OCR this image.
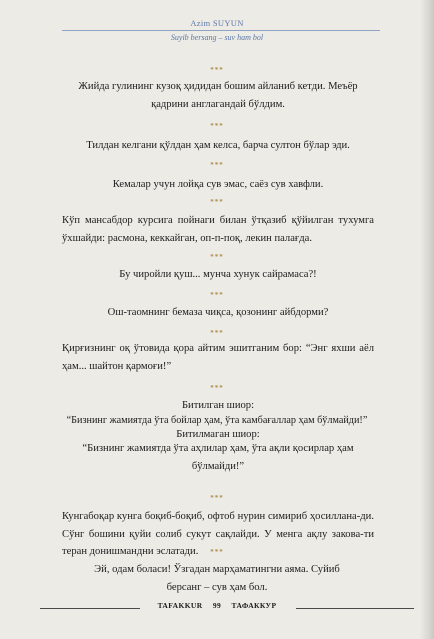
Azim SUYUN
Suyib bersang – suv ham bol
***
Жийда гулининг кузоқ ҳидидан бошим айланиб кетди. Меъёр қадрини англагандай бўлдим.
***
Тилдан келгани қўлдан ҳам келса, барча султон бўлар эди.
***
Кемалар учун лойқа сув эмас, саёз сув хавфли.
***
Кўп мансабдор курсига пойнаги билан ўтқазиб қўйилган тухумга ўхшайди: расмона, кеккайган, оп-п-поқ, лекин палағда.
***
Бу чиройли қуш... мунча хунук сайрамаса?!
***
Ош-таомнинг бемаза чиқса, қозонинг айбдорми?
***
Қирғизнинг оқ ўтовида қора айтим эшитганим бор: “Энг яхши аёл ҳам... шайтон қармоғи!”
***
Битилган шиор:
“Бизнинг жамиятда ўта бойлар ҳам, ўта камбағаллар ҳам бўлмайди!”
Битилмаган шиор:
“Бизнинг жамиятда ўта аҳлилар ҳам, ўта ақли қосирлар ҳам бўлмайди!”
***
Кунгабоқар кунга боқиб-боқиб, офтоб нурин симириб ҳосиллана-ди. Сўнг бошини қуйи солиб сукут сақлайди. У менга ақлу закова-ти теран донишмандни эслатади.	***
Эй, одам боласи! Ўзгадан марҳаматингни аяма. Суйиб берсанг – сув ҳам бол.
TAFAKKUR 99 ТАФАККУР
